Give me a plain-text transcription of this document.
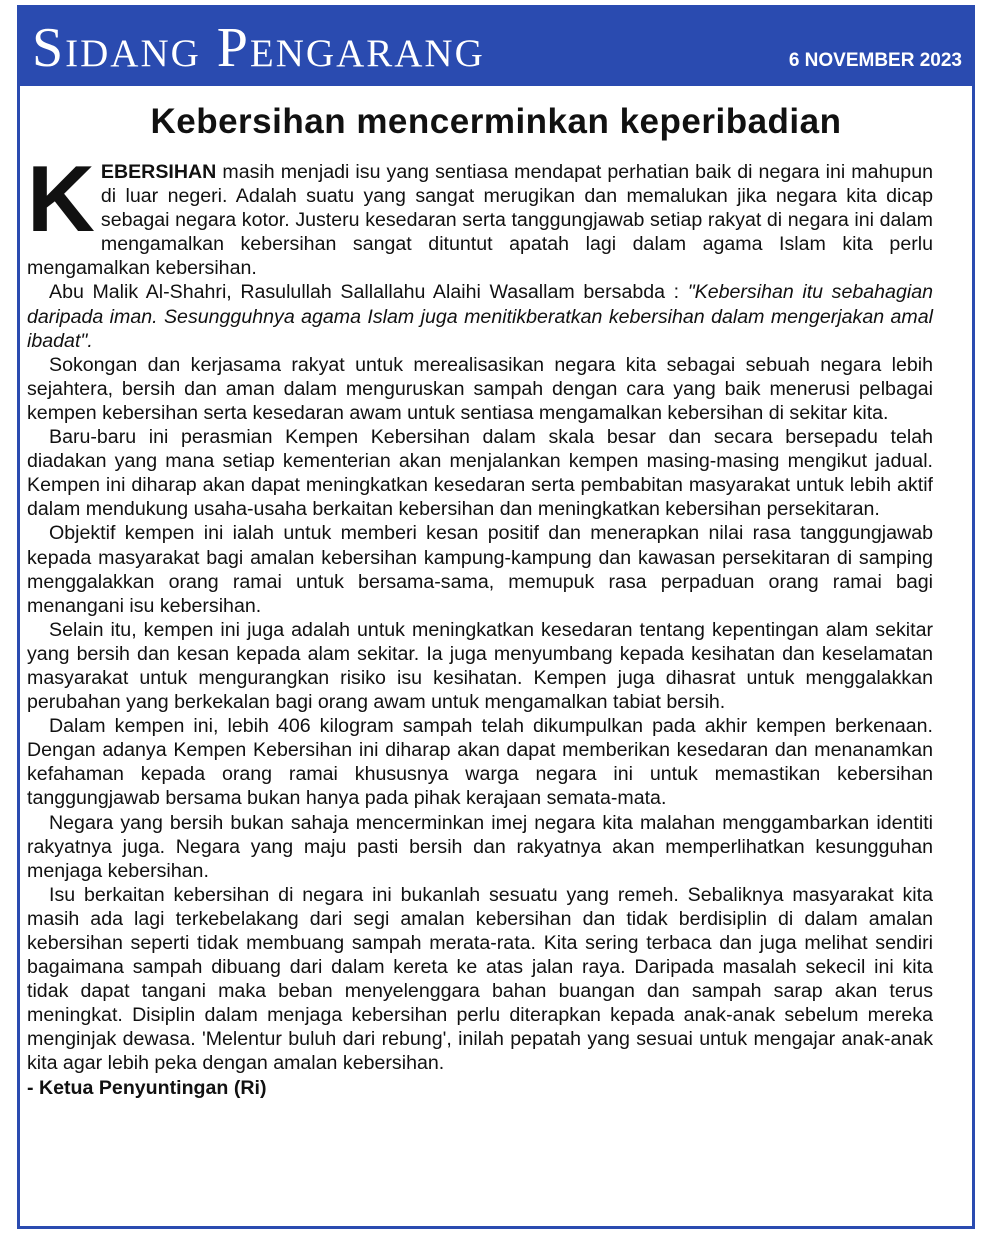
Sidang Pengarang	6 NOVEMBER 2023
Kebersihan mencerminkan keperibadian

KEBERSIHAN masih menjadi isu yang sentiasa mendapat perhatian baik di negara ini mahupun di luar negeri. Adalah suatu yang sangat merugikan dan memalukan jika negara kita dicap sebagai negara kotor. Justeru kesedaran serta tanggungjawab setiap rakyat di negara ini dalam mengamalkan kebersihan sangat dituntut apatah lagi dalam agama Islam kita perlu mengamalkan kebersihan.

Abu Malik Al-Shahri, Rasulullah Sallallahu Alaihi Wasallam bersabda : "Kebersihan itu sebahagian daripada iman. Sesungguhnya agama Islam juga menitikberatkan kebersihan dalam mengerjakan amal ibadat".

Sokongan dan kerjasama rakyat untuk merealisasikan negara kita sebagai sebuah negara lebih sejahtera, bersih dan aman dalam menguruskan sampah dengan cara yang baik menerusi pelbagai kempen kebersihan serta kesedaran awam untuk sentiasa mengamalkan kebersihan di sekitar kita.

Baru-baru ini perasmian Kempen Kebersihan dalam skala besar dan secara bersepadu telah diadakan yang mana setiap kementerian akan menjalankan kempen masing-masing mengikut jadual. Kempen ini diharap akan dapat meningkatkan kesedaran serta pembabitan masyarakat untuk lebih aktif dalam mendukung usaha-usaha berkaitan kebersihan dan meningkatkan kebersihan persekitaran.

Objektif kempen ini ialah untuk memberi kesan positif dan menerapkan nilai rasa tanggungjawab kepada masyarakat bagi amalan kebersihan kampung-kampung dan kawasan persekitaran di samping menggalakkan orang ramai untuk bersama-sama, memupuk rasa perpaduan orang ramai bagi menangani isu kebersihan.

Selain itu, kempen ini juga adalah untuk meningkatkan kesedaran tentang kepentingan alam sekitar yang bersih dan kesan kepada alam sekitar. Ia juga menyumbang kepada kesihatan dan keselamatan masyarakat untuk mengurangkan risiko isu kesihatan. Kempen juga dihasrat untuk menggalakkan perubahan yang berkekalan bagi orang awam untuk mengamalkan tabiat bersih.

Dalam kempen ini, lebih 406 kilogram sampah telah dikumpulkan pada akhir kempen berkenaan. Dengan adanya Kempen Kebersihan ini diharap akan dapat memberikan kesedaran dan menanamkan kefahaman kepada orang ramai khususnya warga negara ini untuk memastikan kebersihan tanggungjawab bersama bukan hanya pada pihak kerajaan semata-mata.

Negara yang bersih bukan sahaja mencerminkan imej negara kita malahan menggambarkan identiti rakyatnya juga. Negara yang maju pasti bersih dan rakyatnya akan memperlihatkan kesungguhan menjaga kebersihan.

Isu berkaitan kebersihan di negara ini bukanlah sesuatu yang remeh. Sebaliknya masyarakat kita masih ada lagi terkebelakang dari segi amalan kebersihan dan tidak berdisiplin di dalam amalan kebersihan seperti tidak membuang sampah merata-rata. Kita sering terbaca dan juga melihat sendiri bagaimana sampah dibuang dari dalam kereta ke atas jalan raya. Daripada masalah sekecil ini kita tidak dapat tangani maka beban menyelenggara bahan buangan dan sampah sarap akan terus meningkat. Disiplin dalam menjaga kebersihan perlu diterapkan kepada anak-anak sebelum mereka menginjak dewasa. 'Melentur buluh dari rebung', inilah pepatah yang sesuai untuk mengajar anak-anak kita agar lebih peka dengan amalan kebersihan.

- Ketua Penyuntingan (Ri)
